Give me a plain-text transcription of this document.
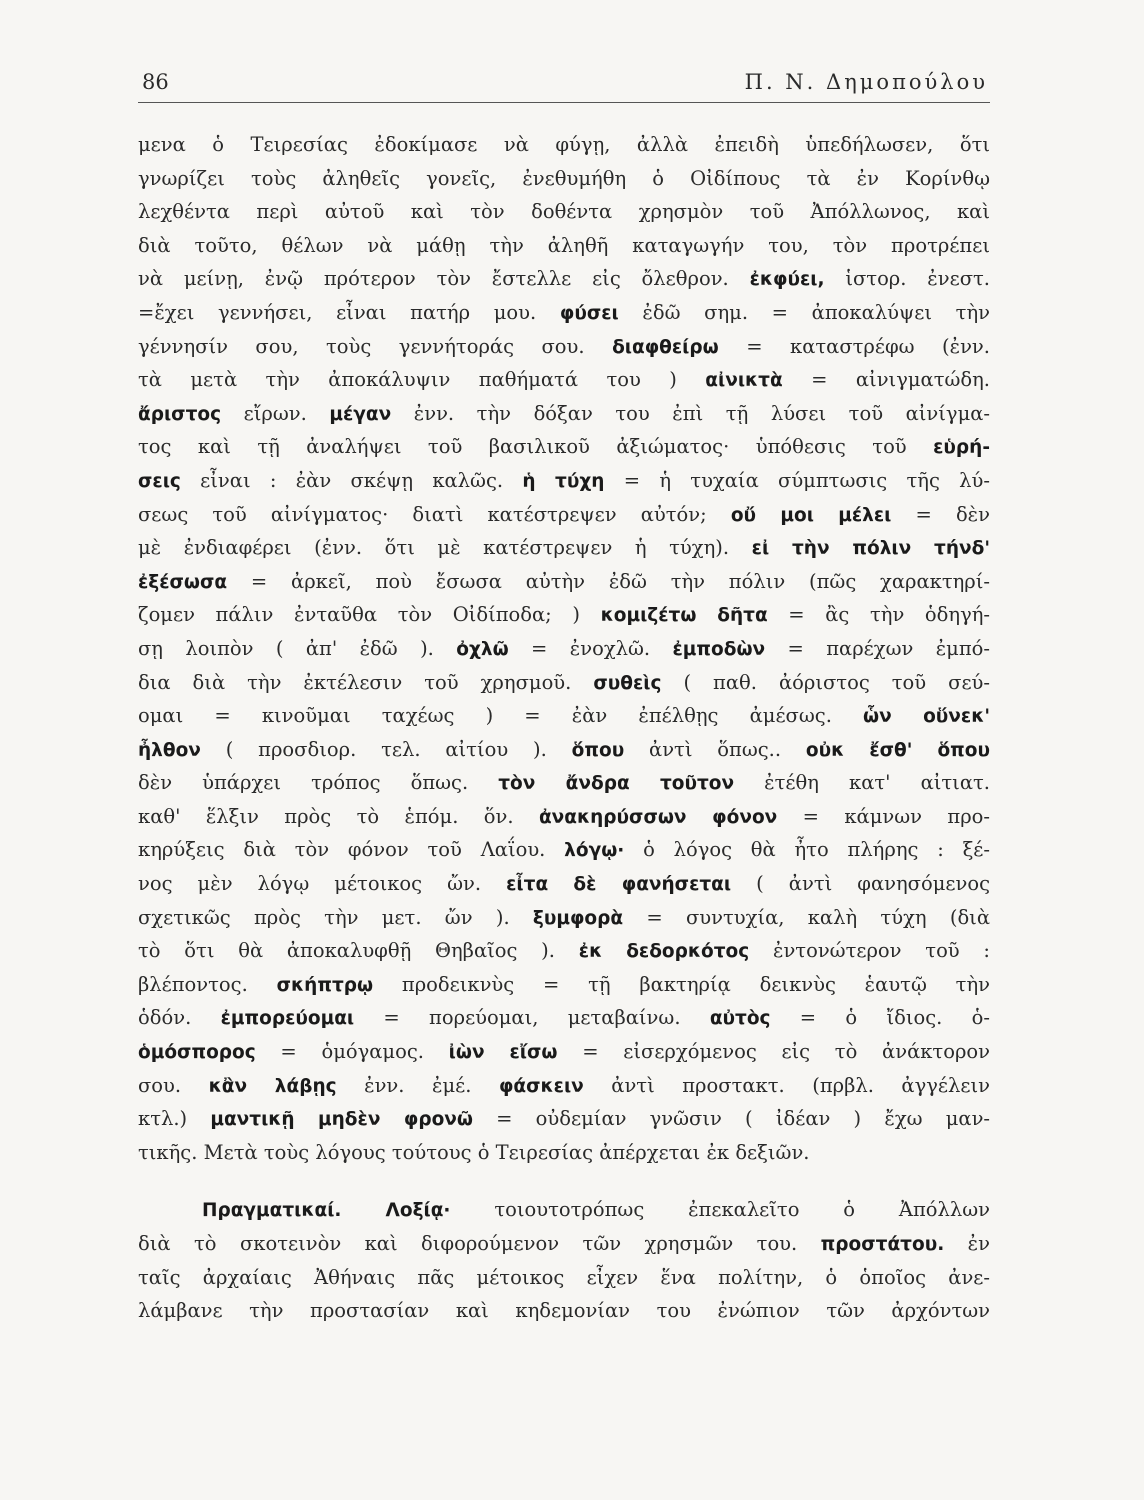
86	Π. Ν. Δημοπούλου
μενα ὁ Τειρεσίας ἐδοκίμασε νὰ φύγῃ, ἀλλὰ ἐπειδὴ ὑπεδήλωσεν, ὅτι
γνωρίζει τοὺς ἀληθεῖς γονεῖς, ἐνεθυμήθη ὁ Οἰδίπους τὰ ἐν Κορίνθῳ
λεχθέντα περὶ αὐτοῦ καὶ τὸν δοθέντα χρησμὸν τοῦ Ἀπόλλωνος, καὶ
διὰ τοῦτο, θέλων νὰ μάθῃ τὴν ἀληθῆ καταγωγήν του, τὸν προτρέπει
νὰ μείνῃ, ἐνῷ πρότερον τὸν ἔστελλε εἰς ὄλεθρον. ἐκφύει, ἱστορ. ἐνεστ.
=ἔχει γεννήσει, εἶναι πατήρ μου. φύσει ἐδῶ σημ. = ἀποκαλύψει τὴν
γέννησίν σου, τοὺς γεννήτοράς σου. διαφθείρω = καταστρέφω (ἐνν.
τὰ μετὰ τὴν ἀποκάλυψιν παθήματά του ) αἰνικτὰ = αἰνιγματώδη.
ἄριστος εἴρων. μέγαν ἐνν. τὴν δόξαν του ἐπὶ τῇ λύσει τοῦ αἰνίγμα-
τος καὶ τῇ ἀναλήψει τοῦ βασιλικοῦ ἀξιώματος· ὑπόθεσις τοῦ εὑρή-
σεις εἶναι : ἐὰν σκέψῃ καλῶς. ἡ τύχη = ἡ τυχαία σύμπτωσις τῆς λύ-
σεως τοῦ αἰνίγματος· διατὶ κατέστρεψεν αὐτόν; οὔ μοι μέλει = δὲν
μὲ ἐνδιαφέρει (ἐνν. ὅτι μὲ κατέστρεψεν ἡ τύχη). εἰ τὴν πόλιν τήνδ'
ἐξέσωσα = ἀρκεῖ, ποὺ ἔσωσα αὐτὴν ἐδῶ τὴν πόλιν (πῶς χαρακτηρί-
ζομεν πάλιν ἐνταῦθα τὸν Οἰδίποδα; ) κομιζέτω δῆτα = ἂς τὴν ὁδηγή-
σῃ λοιπὸν ( ἀπ' ἐδῶ ). ὀχλῶ = ἐνοχλῶ. ἐμποδὼν = παρέχων ἐμπό-
δια διὰ τὴν ἐκτέλεσιν τοῦ χρησμοῦ. συθεὶς ( παθ. ἀόριστος τοῦ σεύ-
ομαι = κινοῦμαι ταχέως ) = ἐὰν ἐπέλθῃς ἀμέσως. ὧν οὕνεκ'
ἦλθον ( προσδιορ. τελ. αἰτίου ). ὅπου ἀντὶ ὅπως.. οὐκ ἔσθ' ὅπου
δὲν ὑπάρχει τρόπος ὅπως. τὸν ἄνδρα τοῦτον ἐτέθη κατ' αἰτιατ.
καθ' ἕλξιν πρὸς τὸ ἑπόμ. ὅν. ἀνακηρύσσων φόνον = κάμνων προ-
κηρύξεις διὰ τὸν φόνον τοῦ Λαΐου. λόγῳ· ὁ λόγος θὰ ἦτο πλήρης : ξέ-
νος μὲν λόγῳ μέτοικος ὤν. εἶτα δὲ φανήσεται ( ἀντὶ φανησόμενος
σχετικῶς πρὸς τὴν μετ. ὤν ). ξυμφορὰ = συντυχία, καλὴ τύχη (διὰ
τὸ ὅτι θὰ ἀποκαλυφθῇ Θηβαῖος ). ἐκ δεδορκότος ἐντονώτερον τοῦ :
βλέποντος. σκήπτρῳ προδεικνὺς = τῇ βακτηρίᾳ δεικνὺς ἑαυτῷ τὴν
ὁδόν. ἐμπορεύομαι = πορεύομαι, μεταβαίνω. αὐτὸς = ὁ ἴδιος. ὁ-
ὁμόσπορος = ὁμόγαμος. ἰὼν εἴσω = εἰσερχόμενος εἰς τὸ ἀνάκτορον
σου. κἂν λάβῃς ἐνν. ἐμέ. φάσκειν ἀντὶ προστακτ. (πρβλ. ἀγγέλειν
κτλ.) μαντικῇ μηδὲν φρονῶ = οὐδεμίαν γνῶσιν ( ἰδέαν ) ἔχω μαν-
τικῆς. Μετὰ τοὺς λόγους τούτους ὁ Τειρεσίας ἀπέρχεται ἐκ δεξιῶν.
Πραγματικαί. Λοξίᾳ· τοιουτοτρόπως ἐπεκαλεῖτο ὁ Ἀπόλλων
διὰ τὸ σκοτεινὸν καὶ διφορούμενον τῶν χρησμῶν του. προστάτου. ἐν
ταῖς ἀρχαίαις Ἀθήναις πᾶς μέτοικος εἶχεν ἕνα πολίτην, ὁ ὁποῖος ἀνε-
λάμβανε τὴν προστασίαν καὶ κηδεμονίαν του ἐνώπιον τῶν ἀρχόντων
